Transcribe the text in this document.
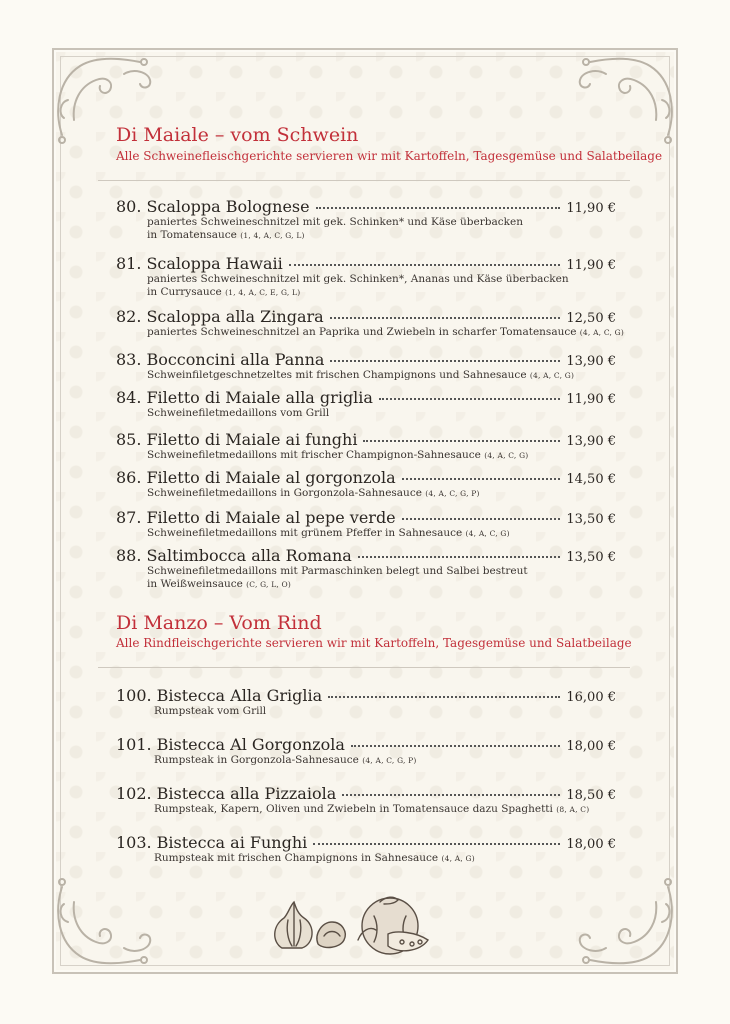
Di Maiale – vom Schwein
Alle Schweinefleischgerichte servieren wir mit Kartoffeln, Tagesgemüse und Salatbeilage
80. Scaloppa Bolognese	11,90 €
paniertes Schweineschnitzel mit gek. Schinken* und Käse überbacken
in Tomatensauce (1, 4, A, C, G, L)
81. Scaloppa Hawaii	11,90 €
paniertes Schweineschnitzel mit gek. Schinken*, Ananas und Käse überbacken
in Currysauce (1, 4, A, C, E, G, L)
82. Scaloppa alla Zingara	12,50 €
paniertes Schweineschnitzel an Paprika und Zwiebeln in scharfer Tomatensauce (4, A, C, G)
83. Bocconcini alla Panna	13,90 €
Schweinfiletgeschnetzeltes mit frischen Champignons und Sahnesauce (4, A, C, G)
84. Filetto di Maiale alla griglia	11,90 €
Schweinefiletmedaillons vom Grill
85. Filetto di Maiale ai funghi	13,90 €
Schweinefiletmedaillons mit frischer Champignon-Sahnesauce (4, A, C, G)
86. Filetto di Maiale al gorgonzola	14,50 €
Schweinefiletmedaillons in Gorgonzola-Sahnesauce (4, A, C, G, P)
87. Filetto di Maiale al pepe verde	13,50 €
Schweinefiletmedaillons mit grünem Pfeffer in Sahnesauce (4, A, C, G)
88. Saltimbocca alla Romana	13,50 €
Schweinefiletmedaillons mit Parmaschinken belegt und Salbei bestreut
in Weißweinsauce (C, G, L, O)
Di Manzo – Vom Rind
Alle Rindfleischgerichte servieren wir mit Kartoffeln, Tagesgemüse und Salatbeilage
100. Bistecca Alla Griglia	16,00 €
Rumpsteak vom Grill
101. Bistecca Al Gorgonzola	18,00 €
Rumpsteak in Gorgonzola-Sahnesauce (4, A, C, G, P)
102. Bistecca alla Pizzaiola	18,50 €
Rumpsteak, Kapern, Oliven und Zwiebeln in Tomatensauce dazu Spaghetti (8, A, C)
103. Bistecca ai Funghi	18,00 €
Rumpsteak mit frischen Champignons in Sahnesauce (4, A, G)
